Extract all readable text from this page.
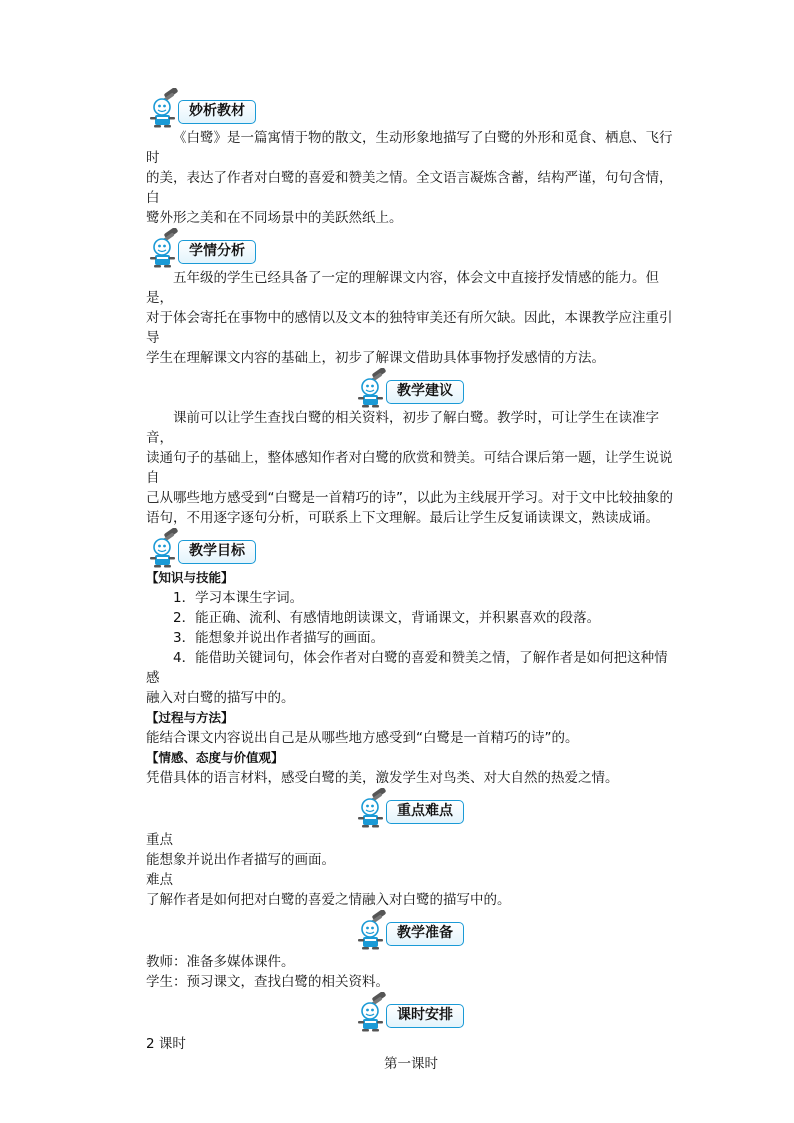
妙析教材

《白鹭》是一篇寓情于物的散文，生动形象地描写了白鹭的外形和觅食、栖息、飞行时

的美，表达了作者对白鹭的喜爱和赞美之情。全文语言凝炼含蓄，结构严谨，句句含情，白

鹭外形之美和在不同场景中的美跃然纸上。

学情分析

五年级的学生已经具备了一定的理解课文内容，体会文中直接抒发情感的能力。但是，

对于体会寄托在事物中的感情以及文本的独特审美还有所欠缺。因此，本课教学应注重引导

学生在理解课文内容的基础上，初步了解课文借助具体事物抒发感情的方法。

教学建议

课前可以让学生查找白鹭的相关资料，初步了解白鹭。教学时，可让学生在读准字音，

读通句子的基础上，整体感知作者对白鹭的欣赏和赞美。可结合课后第一题，让学生说说自

己从哪些地方感受到“白鹭是一首精巧的诗”，以此为主线展开学习。对于文中比较抽象的

语句，不用逐字逐句分析，可联系上下文理解。最后让学生反复诵读课文，熟读成诵。

教学目标

【知识与技能】

1．学习本课生字词。

2．能正确、流利、有感情地朗读课文，背诵课文，并积累喜欢的段落。

3．能想象并说出作者描写的画面。

4．能借助关键词句，体会作者对白鹭的喜爱和赞美之情，了解作者是如何把这种情感

融入对白鹭的描写中的。

【过程与方法】

能结合课文内容说出自己是从哪些地方感受到“白鹭是一首精巧的诗”的。

【情感、态度与价值观】

凭借具体的语言材料，感受白鹭的美，激发学生对鸟类、对大自然的热爱之情。

重点难点

重点

能想象并说出作者描写的画面。

难点

了解作者是如何把对白鹭的喜爱之情融入对白鹭的描写中的。

教学准备

教师：准备多媒体课件。

学生：预习课文，查找白鹭的相关资料。

课时安排

2 课时

第一课时
